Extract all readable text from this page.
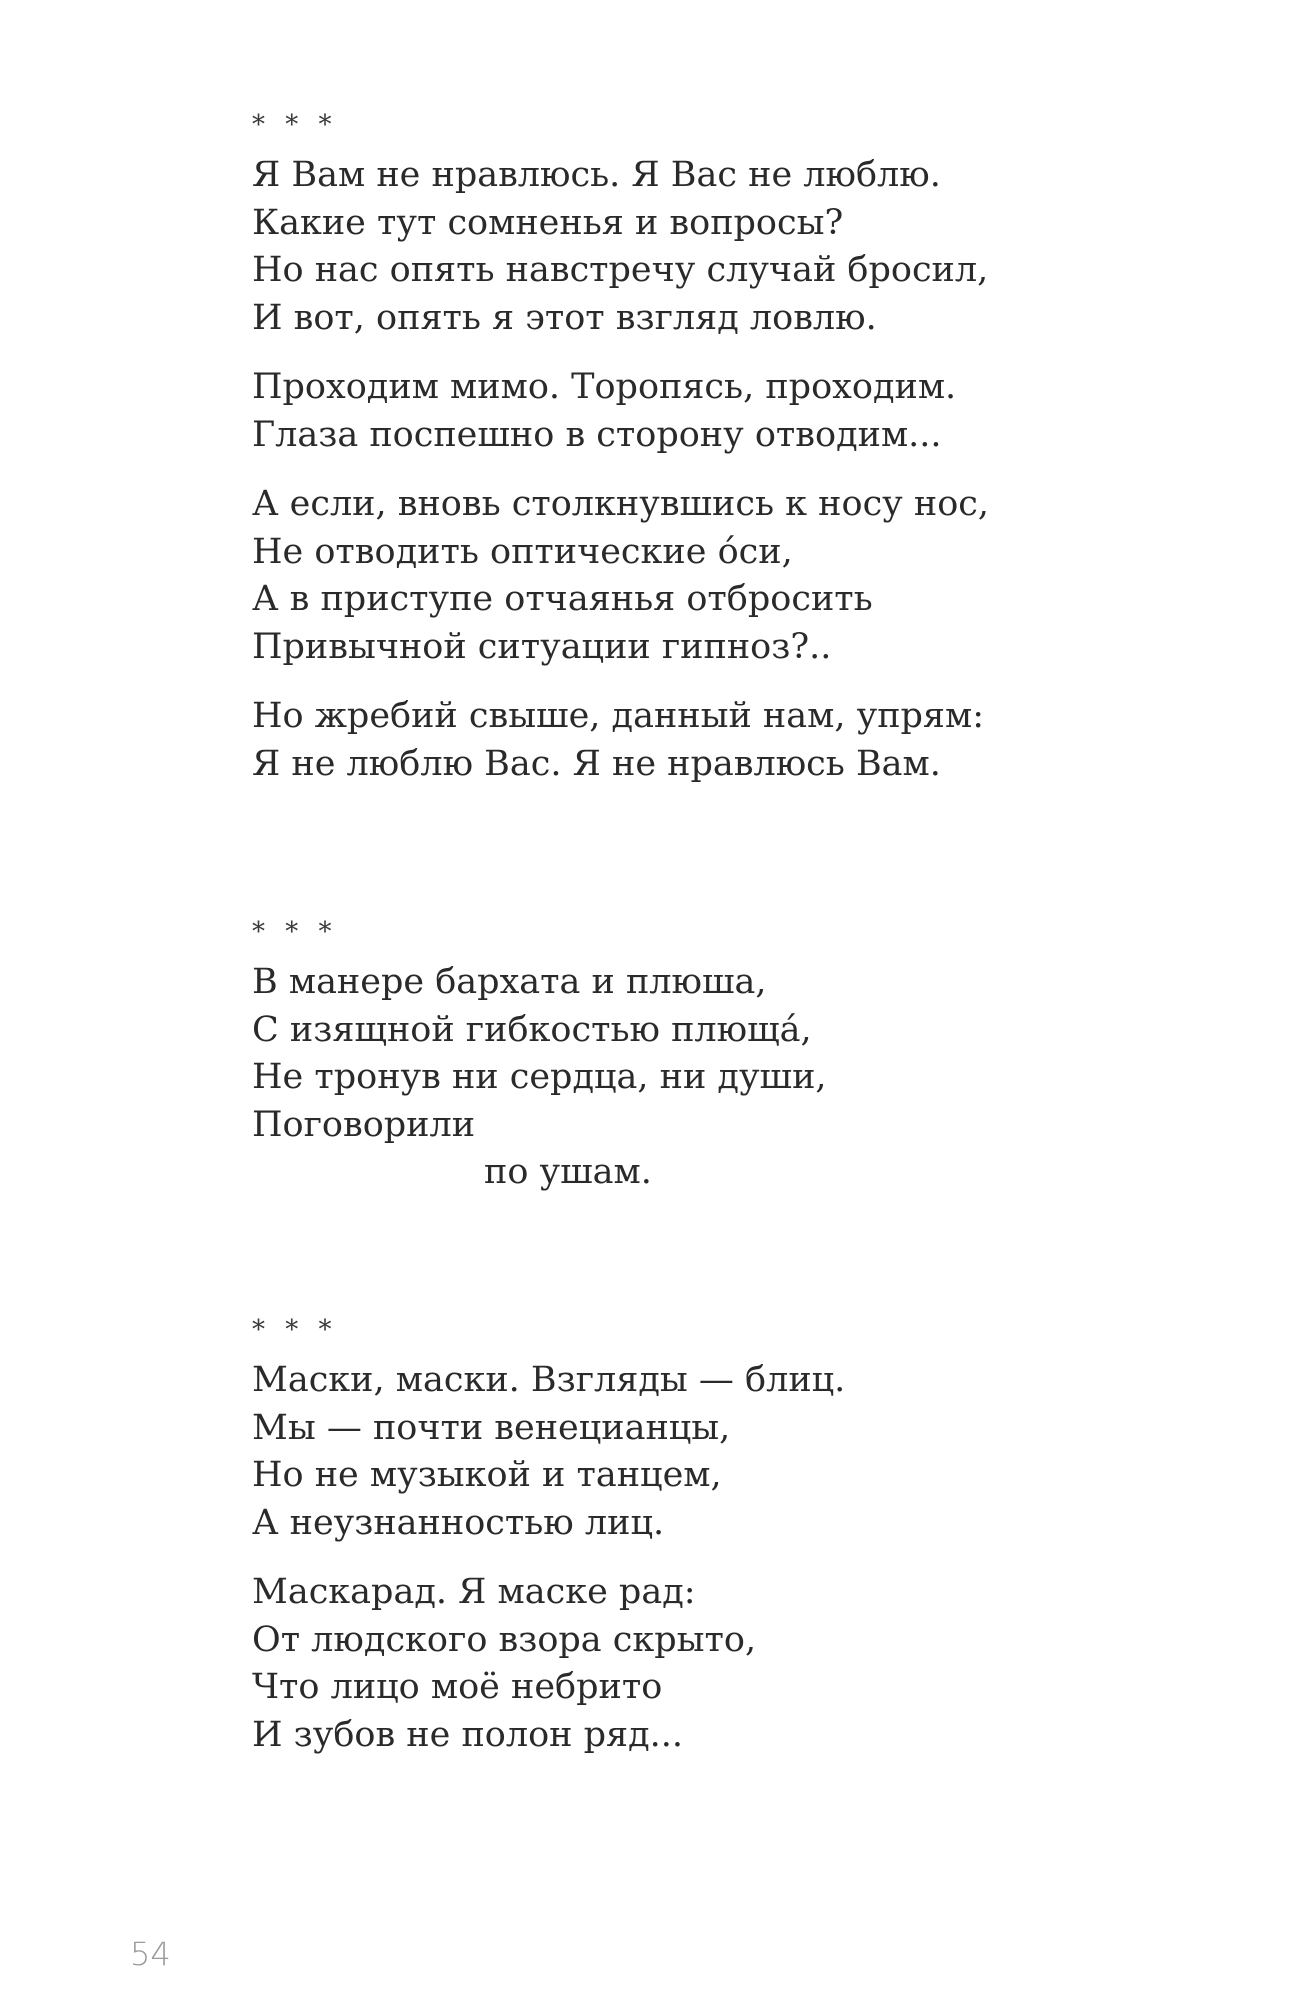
* * *
Я Вам не нравлюсь. Я Вас не люблю.
Какие тут сомненья и вопросы?
Но нас опять навстречу случай бросил,
И вот, опять я этот взгляд ловлю.
Проходим мимо. Торопясь, проходим.
Глаза поспешно в сторону отводим...
А если, вновь столкнувшись к носу нос,
Не отводить оптические óси,
А в приступе отчаянья отбросить
Привычной ситуации гипноз?..
Но жребий свыше, данный нам, упрям:
Я не люблю Вас. Я не нравлюсь Вам.
* * *
В манере бархата и плюша,
С изящной гибкостью плющá,
Не тронув ни сердца, ни души,
Поговорили
по ушам.
* * *
Маски, маски. Взгляды — блиц.
Мы — почти венецианцы,
Но не музыкой и танцем,
А неузнанностью лиц.
Маскарад. Я маске рад:
От людского взора скрыто,
Что лицо моё небрито
И зубов не полон ряд...
54
